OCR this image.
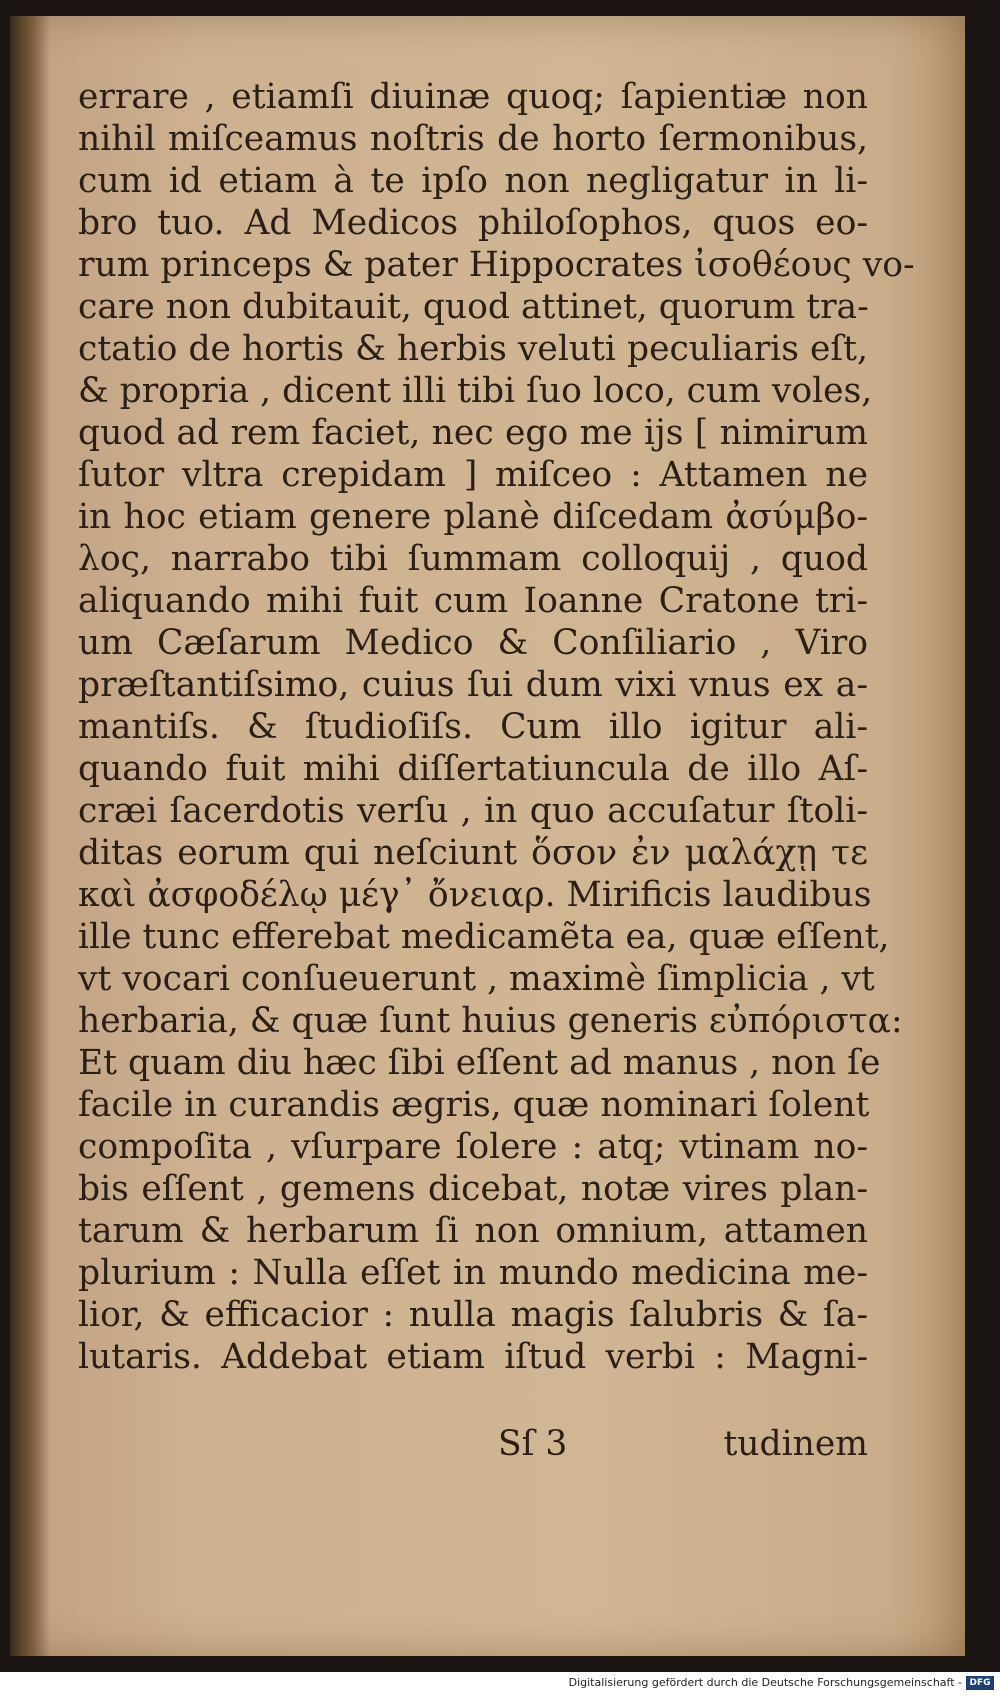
errare , etiamſi diuinæ quoq; ſapientiæ non
nihil miſceamus noſtris de horto ſermonibus,
cum id etiam à te ipſo non negligatur in li-
bro tuo. Ad Medicos philoſophos, quos eo-
rum princeps & pater Hippocrates ἰσοθέους vo-
care non dubitauit, quod attinet, quorum tra-
ctatio de hortis & herbis veluti peculiaris eſt,
& propria , dicent illi tibi ſuo loco, cum voles,
quod ad rem faciet, nec ego me ijs [ nimirum
ſutor vltra crepidam ] miſceo : Attamen ne
in hoc etiam genere planè diſcedam ἀσύμβο-
λος, narrabo tibi ſummam colloquij , quod
aliquando mihi fuit cum Ioanne Cratone tri-
um Cæſarum Medico & Conſiliario , Viro
præſtantiſsimo, cuius ſui dum vixi vnus ex a-
mantiſs. & ſtudioſiſs. Cum illo igitur ali-
quando fuit mihi diſſertatiuncula de illo Aſ-
cræi ſacerdotis verſu , in quo accuſatur ſtoli-
ditas eorum qui neſciunt ὅσον ἐν μαλάχῃ τε
καὶ ἀσφοδέλῳ μέγ᾽ ὄνειαρ. Mirificis laudibus
ille tunc efferebat medicamẽta ea, quæ eſſent,
vt vocari conſueuerunt , maximè ſimplicia , vt
herbaria, & quæ ſunt huius generis εὐπόριστα:
Et quam diu hæc ſibi eſſent ad manus , non ſe
facile in curandis ægris, quæ nominari ſolent
compoſita , vſurpare ſolere : atq; vtinam no-
bis eſſent , gemens dicebat, notæ vires plan-
tarum & herbarum ſi non omnium, attamen
plurium : Nulla eſſet in mundo medicina me-
lior, & efficacior : nulla magis ſalubris & ſa-
lutaris. Addebat etiam iſtud verbi : Magni-
Sſ 3	tudinem
Digitalisierung gefördert durch die Deutsche Forschungsgemeinschaft - DFG
